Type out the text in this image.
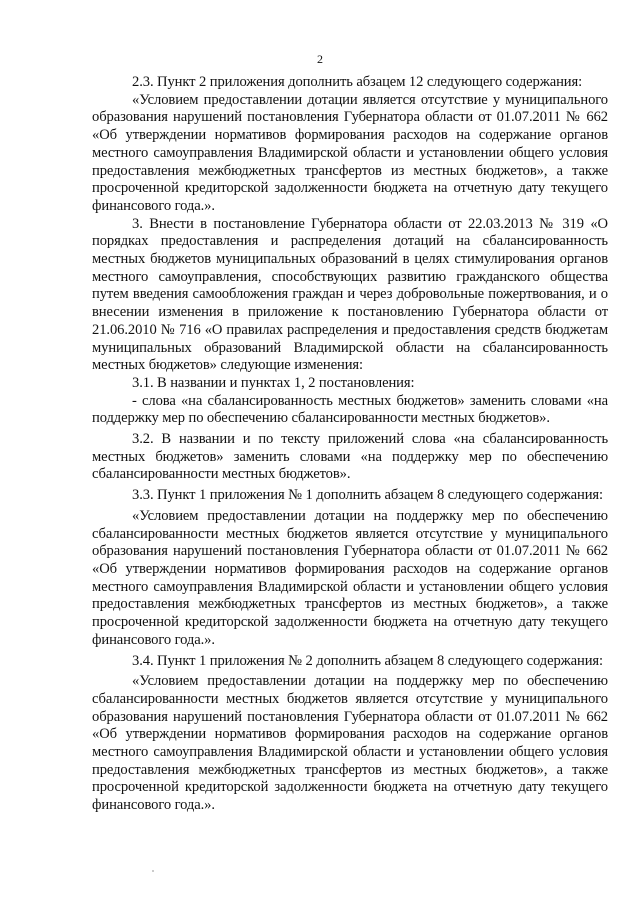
2

2.3. Пункт 2 приложения дополнить абзацем 12 следующего содержания:

«Условием предоставлении дотации является отсутствие у муниципального образования нарушений постановления Губернатора области от 01.07.2011 № 662 «Об утверждении нормативов формирования расходов на содержание органов местного самоуправления Владимирской области и установлении общего условия предоставления межбюджетных трансфертов из местных бюджетов», а также просроченной кредиторской задолженности бюджета на отчетную дату текущего финансового года.».

3. Внести в постановление Губернатора области от 22.03.2013 № 319 «О порядках предоставления и распределения дотаций на сбалансированность местных бюджетов муниципальных образований в целях стимулирования органов местного самоуправления, способствующих развитию гражданского общества путем введения самообложения граждан и через добровольные пожертвования, и о внесении изменения в приложение к постановлению Губернатора области от 21.06.2010 № 716 «О правилах распределения и предоставления средств бюджетам муниципальных образований Владимирской области на сбалансированность местных бюджетов» следующие изменения:

3.1. В названии и пунктах 1, 2 постановления:

- слова «на сбалансированность местных бюджетов» заменить словами «на поддержку мер по обеспечению сбалансированности местных бюджетов».

3.2. В названии и по тексту приложений слова «на сбалансированность местных бюджетов» заменить словами «на поддержку мер по обеспечению сбалансированности местных бюджетов».

3.3. Пункт 1 приложения № 1 дополнить абзацем 8 следующего содержания:

«Условием предоставлении дотации на поддержку мер по обеспечению сбалансированности местных бюджетов является отсутствие у муниципального образования нарушений постановления Губернатора области от 01.07.2011 № 662 «Об утверждении нормативов формирования расходов на содержание органов местного самоуправления Владимирской области и установлении общего условия предоставления межбюджетных трансфертов из местных бюджетов», а также просроченной кредиторской задолженности бюджета на отчетную дату текущего финансового года.».

3.4. Пункт 1 приложения № 2 дополнить абзацем 8 следующего содержания:

«Условием предоставлении дотации на поддержку мер по обеспечению сбалансированности местных бюджетов является отсутствие у муниципального образования нарушений постановления Губернатора области от 01.07.2011 № 662 «Об утверждении нормативов формирования расходов на содержание органов местного самоуправления Владимирской области и установлении общего условия предоставления межбюджетных трансфертов из местных бюджетов», а также просроченной кредиторской задолженности бюджета на отчетную дату текущего финансового года.».
